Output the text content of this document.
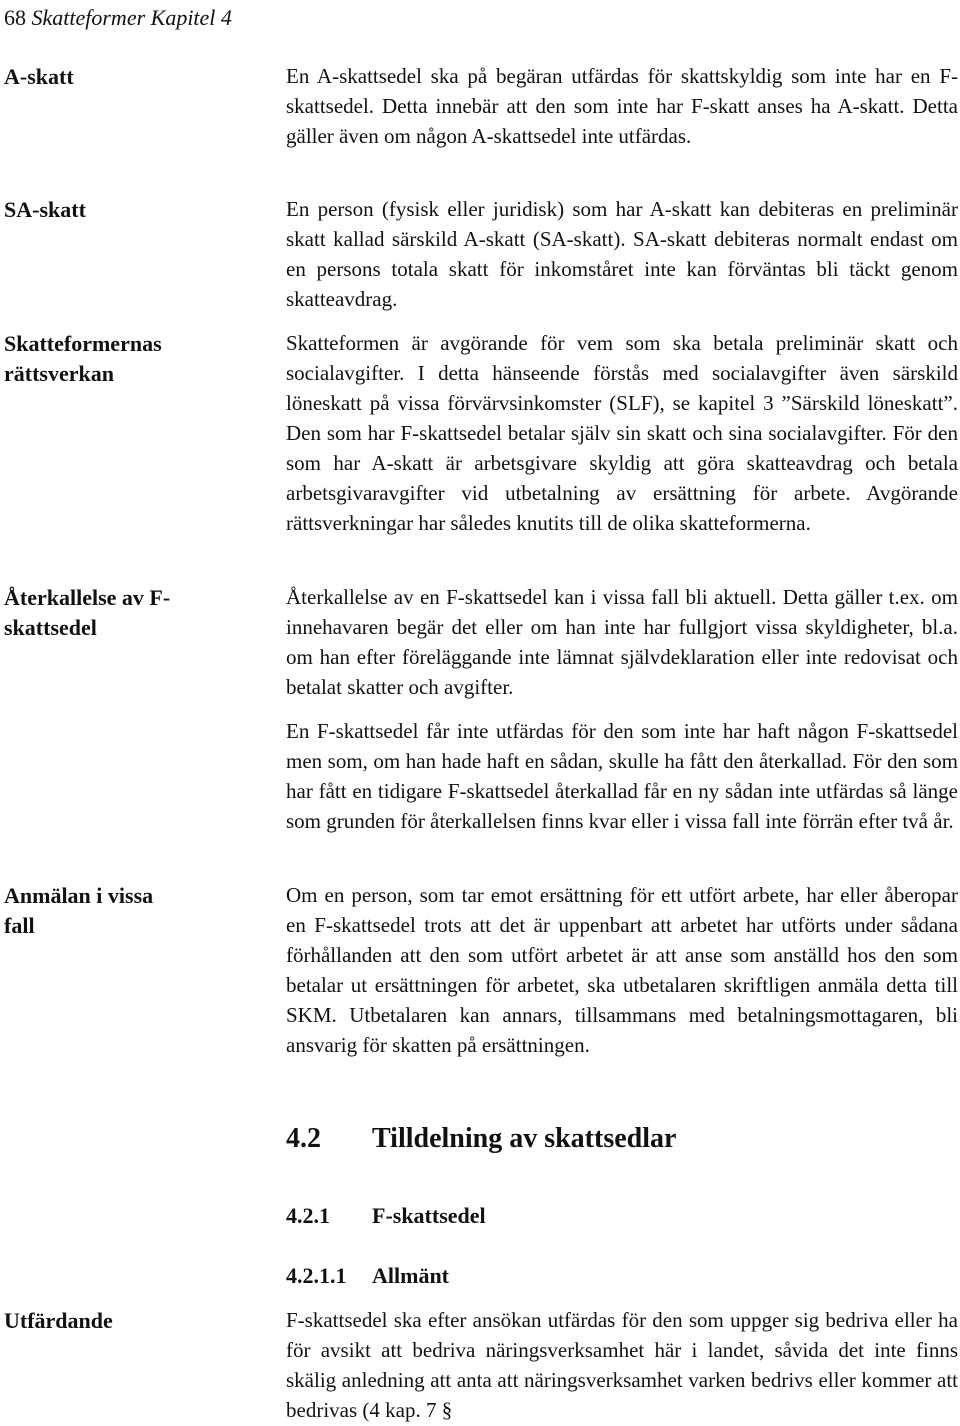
68 Skatteformer Kapitel 4
A-skatt
SA-skatt
Skatteformernas rättsverkan
Återkallelse av F-skattsedel
Anmälan i vissa fall
Utfärdande

En A-skattsedel ska på begäran utfärdas för skattskyldig som inte har en F-skattsedel. Detta innebär att den som inte har F-skatt anses ha A-skatt. Detta gäller även om någon A-skattsedel inte utfärdas.

En person (fysisk eller juridisk) som har A-skatt kan debiteras en preliminär skatt kallad särskild A-skatt (SA-skatt). SA-skatt debiteras normalt endast om en persons totala skatt för inkomståret inte kan förväntas bli täckt genom skatteavdrag.

Skatteformen är avgörande för vem som ska betala preliminär skatt och socialavgifter. I detta hänseende förstås med socialavgifter även särskild löneskatt på vissa förvärvsinkomster (SLF), se kapitel 3 ”Särskild löneskatt”. Den som har F-skattsedel betalar själv sin skatt och sina socialavgifter. För den som har A-skatt är arbetsgivare skyldig att göra skatteavdrag och betala arbetsgivaravgifter vid utbetalning av ersättning för arbete. Avgörande rättsverkningar har således knutits till de olika skatteformerna.

Återkallelse av en F-skattsedel kan i vissa fall bli aktuell. Detta gäller t.ex. om innehavaren begär det eller om han inte har fullgjort vissa skyldigheter, bl.a. om han efter föreläggande inte lämnat självdeklaration eller inte redovisat och betalat skatter och avgifter.

En F-skattsedel får inte utfärdas för den som inte har haft någon F-skattsedel men som, om han hade haft en sådan, skulle ha fått den återkallad. För den som har fått en tidigare F-skattsedel återkallad får en ny sådan inte utfärdas så länge som grunden för återkallelsen finns kvar eller i vissa fall inte förrän efter två år.

Om en person, som tar emot ersättning för ett utfört arbete, har eller åberopar en F-skattsedel trots att det är uppenbart att arbetet har utförts under sådana förhållanden att den som utfört arbetet är att anse som anställd hos den som betalar ut ersättningen för arbetet, ska utbetalaren skriftligen anmäla detta till SKM. Utbetalaren kan annars, tillsammans med betalningsmottagaren, bli ansvarig för skatten på ersättningen.

4.2 Tilldelning av skattsedlar
4.2.1 F-skattsedel
4.2.1.1 Allmänt

F-skattsedel ska efter ansökan utfärdas för den som uppger sig bedriva eller ha för avsikt att bedriva näringsverksamhet här i landet, såvida det inte finns skälig anledning att anta att näringsverksamhet varken bedrivs eller kommer att bedrivas (4 kap. 7 §
